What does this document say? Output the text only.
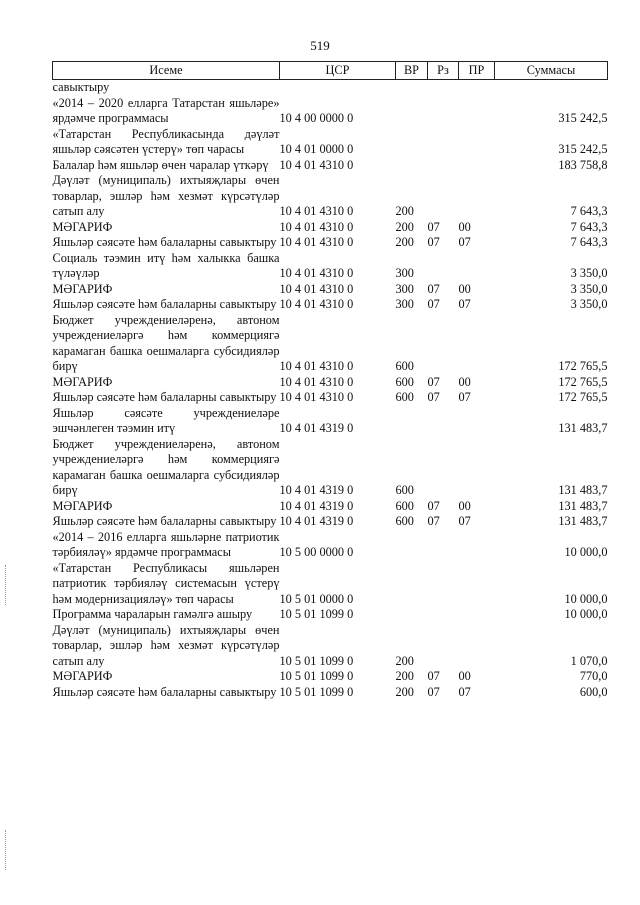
519
Исеме	ЦСР	ВР	Рз	ПР	Суммасы
савыктыру					
«2014 – 2020 елларга Татарстан яшьләре» ярдәмче программасы	10 4 00 0000 0				315 242,5
«Татарстан Республикасында дәүләт яшьләр сәясәтен үстерү» төп чарасы	10 4 01 0000 0				315 242,5
Балалар һәм яшьләр өчен чаралар үткәрү	10 4 01 4310 0				183 758,8
Дәүләт (муниципаль) ихтыяҗлары өчен товарлар, эшләр һәм хезмәт күрсәтүләр сатып алу	10 4 01 4310 0	200			7 643,3
МӘГАРИФ	10 4 01 4310 0	200	07	00	7 643,3
Яшьләр сәясәте һәм балаларны савыктыру	10 4 01 4310 0	200	07	07	7 643,3
Социаль тәэмин итү һәм халыкка башка түләүләр	10 4 01 4310 0	300			3 350,0
МӘГАРИФ	10 4 01 4310 0	300	07	00	3 350,0
Яшьләр сәясәте һәм балаларны савыктыру	10 4 01 4310 0	300	07	07	3 350,0
Бюджет учреждениеләренә, автоном учреждениеләргә һәм коммерциягә карамаган башка оешмаларга субсидияләр бирү	10 4 01 4310 0	600			172 765,5
МӘГАРИФ	10 4 01 4310 0	600	07	00	172 765,5
Яшьләр сәясәте һәм балаларны савыктыру	10 4 01 4310 0	600	07	07	172 765,5
Яшьләр сәясәте учреждениеләре эшчәнлеген тәэмин итү	10 4 01 4319 0				131 483,7
Бюджет учреждениеләренә, автоном учреждениеләргә һәм коммерциягә карамаган башка оешмаларга субсидияләр бирү	10 4 01 4319 0	600			131 483,7
МӘГАРИФ	10 4 01 4319 0	600	07	00	131 483,7
Яшьләр сәясәте һәм балаларны савыктыру	10 4 01 4319 0	600	07	07	131 483,7
«2014 – 2016 елларга яшьләрне патриотик тәрбияләү» ярдәмче программасы	10 5 00 0000 0				10 000,0
«Татарстан Республикасы яшьләрен патриотик тәрбияләү системасын үстерү һәм модернизацияләү» төп чарасы	10 5 01 0000 0				10 000,0
Программа чараларын гамәлгә ашыру	10 5 01 1099 0				10 000,0
Дәүләт (муниципаль) ихтыяҗлары өчен товарлар, эшләр һәм хезмәт күрсәтүләр сатып алу	10 5 01 1099 0	200			1 070,0
МӘГАРИФ	10 5 01 1099 0	200	07	00	770,0
Яшьләр сәясәте һәм балаларны савыктыру	10 5 01 1099 0	200	07	07	600,0
